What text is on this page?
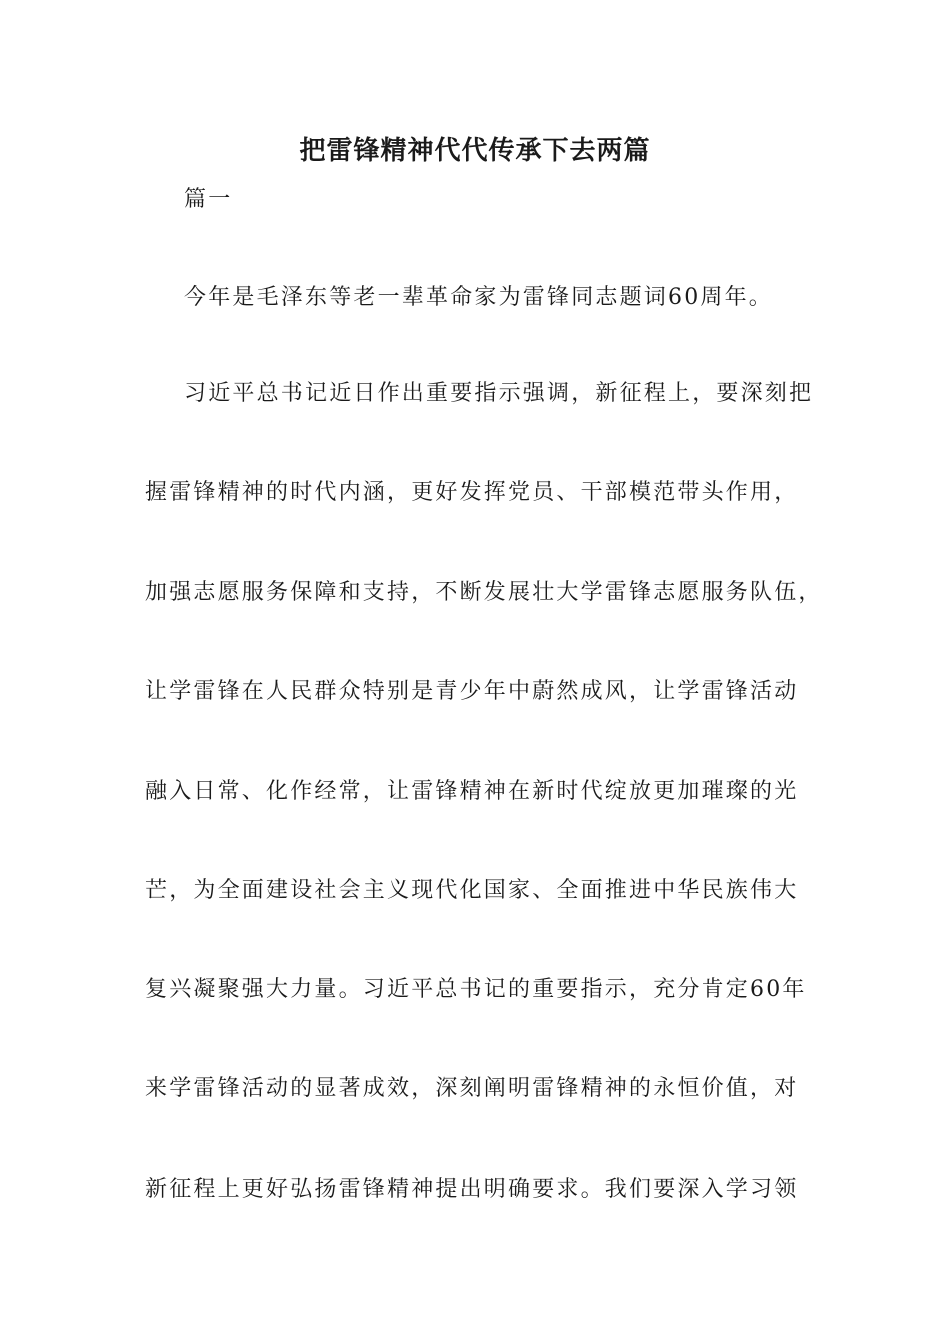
把雷锋精神代代传承下去两篇
篇一
今年是毛泽东等老一辈革命家为雷锋同志题词60周年。
习近平总书记近日作出重要指示强调，新征程上，要深刻把
握雷锋精神的时代内涵，更好发挥党员、干部模范带头作用，
加强志愿服务保障和支持，不断发展壮大学雷锋志愿服务队伍，
让学雷锋在人民群众特别是青少年中蔚然成风，让学雷锋活动
融入日常、化作经常，让雷锋精神在新时代绽放更加璀璨的光
芒，为全面建设社会主义现代化国家、全面推进中华民族伟大
复兴凝聚强大力量。习近平总书记的重要指示，充分肯定60年
来学雷锋活动的显著成效，深刻阐明雷锋精神的永恒价值，对
新征程上更好弘扬雷锋精神提出明确要求。我们要深入学习领
